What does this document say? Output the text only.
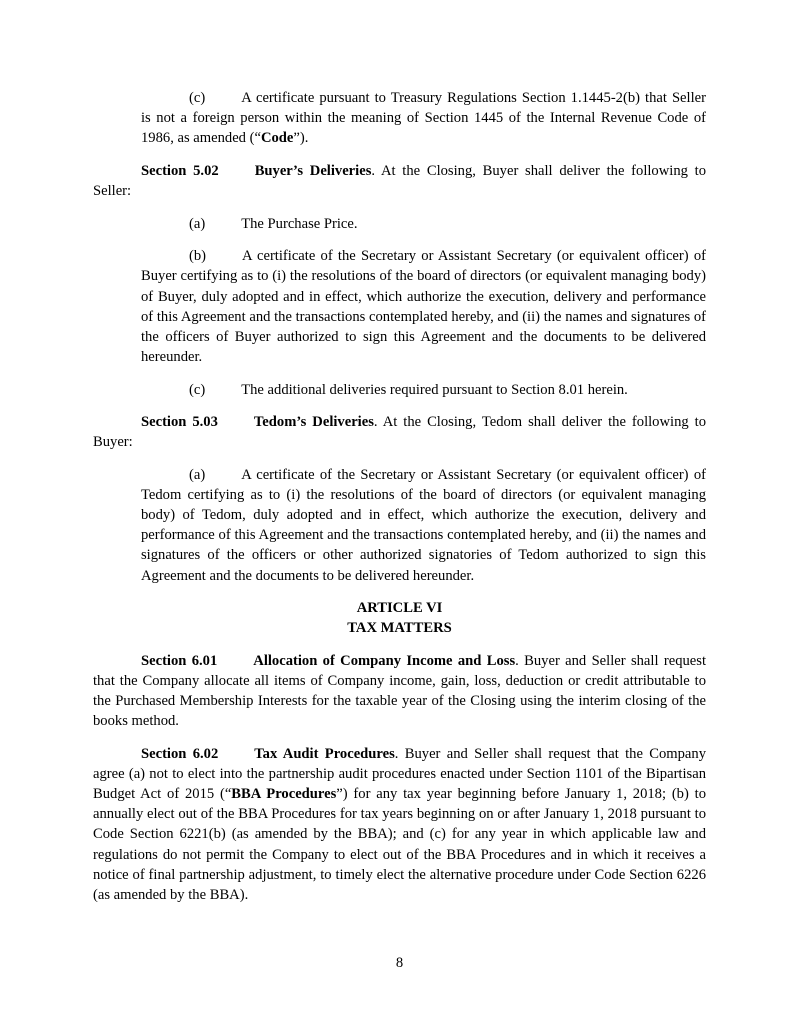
(c) A certificate pursuant to Treasury Regulations Section 1.1445-2(b) that Seller is not a foreign person within the meaning of Section 1445 of the Internal Revenue Code of 1986, as amended (“Code”).

Section 5.02 Buyer’s Deliveries. At the Closing, Buyer shall deliver the following to Seller:

(a) The Purchase Price.

(b) A certificate of the Secretary or Assistant Secretary (or equivalent officer) of Buyer certifying as to (i) the resolutions of the board of directors (or equivalent managing body) of Buyer, duly adopted and in effect, which authorize the execution, delivery and performance of this Agreement and the transactions contemplated hereby, and (ii) the names and signatures of the officers of Buyer authorized to sign this Agreement and the documents to be delivered hereunder.

(c) The additional deliveries required pursuant to Section 8.01 herein.

Section 5.03 Tedom’s Deliveries. At the Closing, Tedom shall deliver the following to Buyer:

(a) A certificate of the Secretary or Assistant Secretary (or equivalent officer) of Tedom certifying as to (i) the resolutions of the board of directors (or equivalent managing body) of Tedom, duly adopted and in effect, which authorize the execution, delivery and performance of this Agreement and the transactions contemplated hereby, and (ii) the names and signatures of the officers or other authorized signatories of Tedom authorized to sign this Agreement and the documents to be delivered hereunder.

ARTICLE VI

TAX MATTERS

Section 6.01 Allocation of Company Income and Loss. Buyer and Seller shall request that the Company allocate all items of Company income, gain, loss, deduction or credit attributable to the Purchased Membership Interests for the taxable year of the Closing using the interim closing of the books method.

Section 6.02 Tax Audit Procedures. Buyer and Seller shall request that the Company agree (a) not to elect into the partnership audit procedures enacted under Section 1101 of the Bipartisan Budget Act of 2015 (“BBA Procedures”) for any tax year beginning before January 1, 2018; (b) to annually elect out of the BBA Procedures for tax years beginning on or after January 1, 2018 pursuant to Code Section 6221(b) (as amended by the BBA); and (c) for any year in which applicable law and regulations do not permit the Company to elect out of the BBA Procedures and in which it receives a notice of final partnership adjustment, to timely elect the alternative procedure under Code Section 6226 (as amended by the BBA).

8
